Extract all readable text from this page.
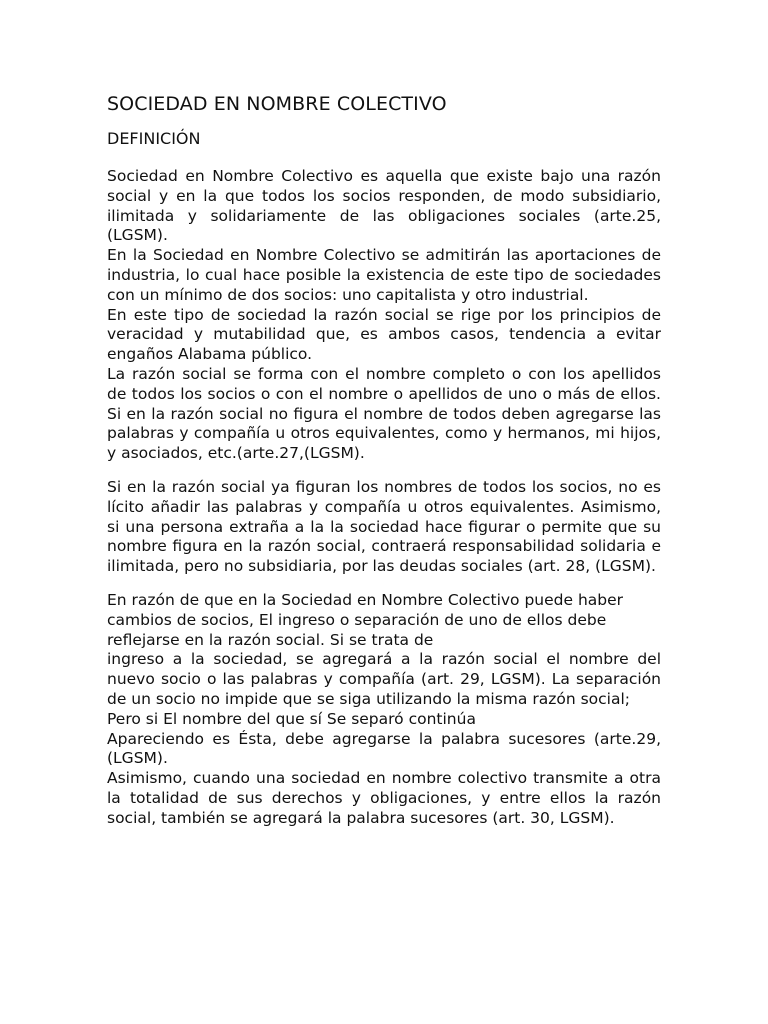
SOCIEDAD EN NOMBRE COLECTIVO
DEFINICIÓN

Sociedad en Nombre Colectivo es aquella que existe bajo una razón social y en la que todos los socios responden, de modo subsidiario, ilimitada y solidariamente de las obligaciones sociales (arte.25, (LGSM).

En la Sociedad en Nombre Colectivo se admitirán las aportaciones de industria, lo cual hace posible la existencia de este tipo de sociedades con un mínimo de dos socios: uno capitalista y otro industrial.

En este tipo de sociedad la razón social se rige por los principios de veracidad y mutabilidad que, es ambos casos, tendencia a evitar engaños Alabama público.

La razón social se forma con el nombre completo o con los apellidos de todos los socios o con el nombre o apellidos de uno o más de ellos. Si en la razón social no figura el nombre de todos deben agregarse las palabras y compañía u otros equivalentes, como y hermanos, mi hijos, y asociados, etc.(arte.27,(LGSM).

Si en la razón social ya figuran los nombres de todos los socios, no es lícito añadir las palabras y compañía u otros equivalentes. Asimismo, si una persona extraña a la la sociedad hace figurar o permite que su nombre figura en la razón social, contraerá responsabilidad solidaria e ilimitada, pero no subsidiaria, por las deudas sociales (art. 28, (LGSM).

En razón de que en la Sociedad en Nombre Colectivo puede haber cambios de socios, El ingreso o separación de uno de ellos debe reflejarse en la razón social. Si se trata de

ingreso a la sociedad, se agregará a la razón social el nombre del nuevo socio o las palabras y compañía (art. 29, LGSM). La separación de un socio no impide que se siga utilizando la misma razón social;

Pero si El nombre del que sí Se separó continúa

Apareciendo es Ésta, debe agregarse la palabra sucesores (arte.29, (LGSM).

Asimismo, cuando una sociedad en nombre colectivo transmite a otra la totalidad de sus derechos y obligaciones, y entre ellos la razón social, también se agregará la palabra sucesores (art. 30, LGSM).
